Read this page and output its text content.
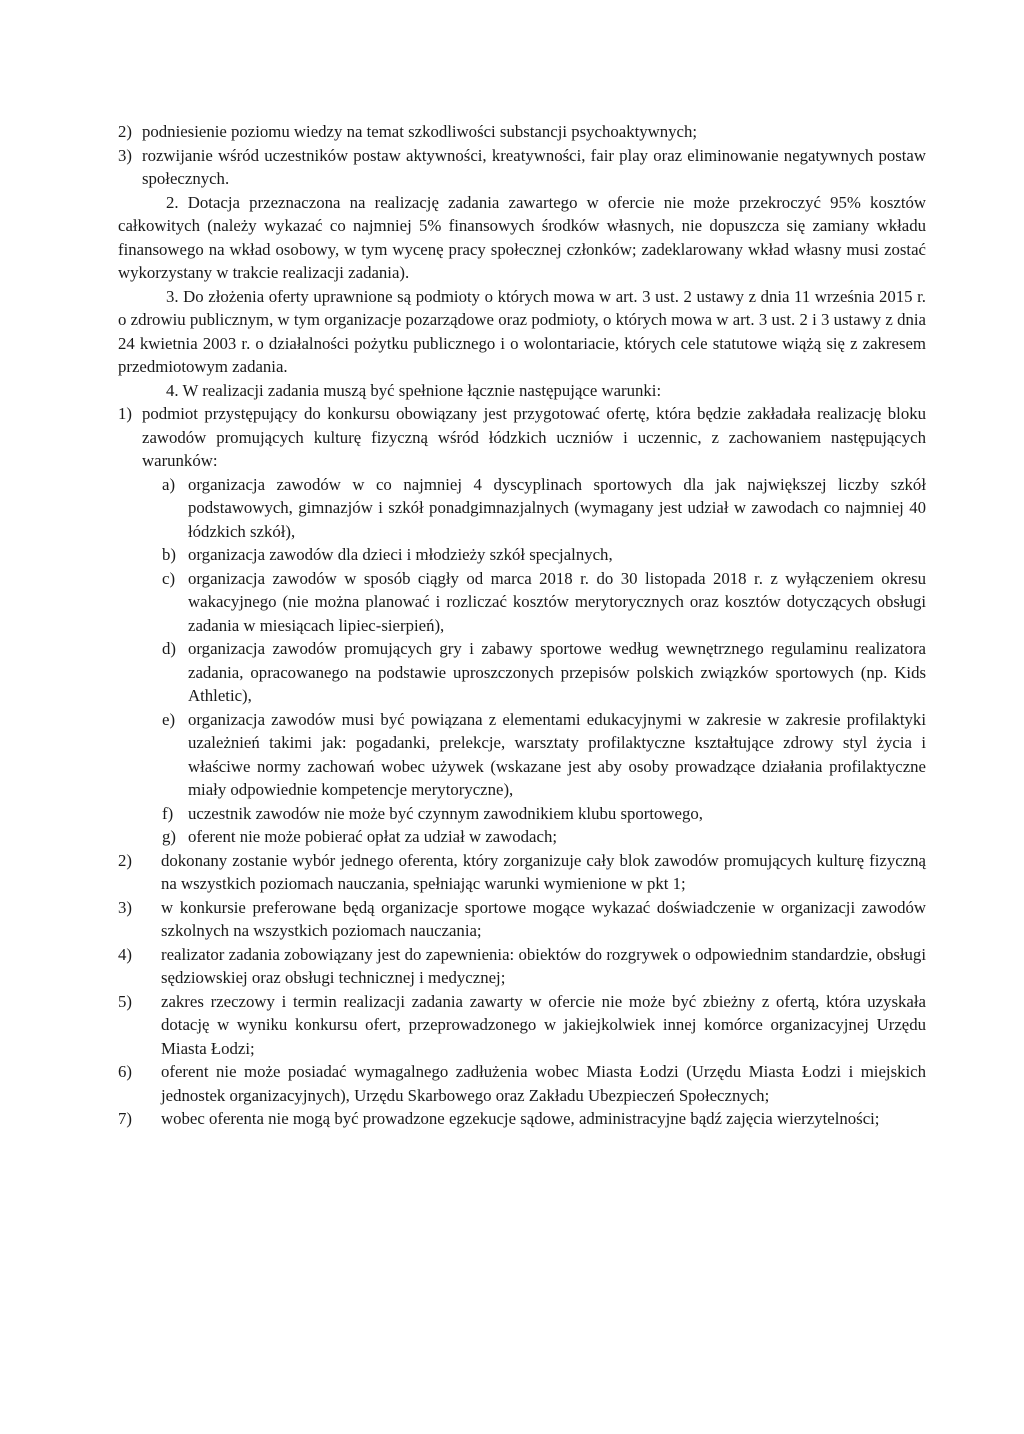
2) podniesienie poziomu wiedzy na temat szkodliwości substancji psychoaktywnych;
3) rozwijanie wśród uczestników postaw aktywności, kreatywności, fair play oraz eliminowanie negatywnych postaw społecznych.

2. Dotacja przeznaczona na realizację zadania zawartego w ofercie nie może przekroczyć 95% kosztów całkowitych (należy wykazać co najmniej 5% finansowych środków własnych, nie dopuszcza się zamiany wkładu finansowego na wkład osobowy, w tym wycenę pracy społecznej członków; zadeklarowany wkład własny musi zostać wykorzystany w trakcie realizacji zadania).

3. Do złożenia oferty uprawnione są podmioty o których mowa w art. 3 ust. 2 ustawy z dnia 11 września 2015 r. o zdrowiu publicznym, w tym organizacje pozarządowe oraz podmioty, o których mowa w art. 3 ust. 2 i 3 ustawy z dnia 24 kwietnia 2003 r. o działalności pożytku publicznego i o wolontariacie, których cele statutowe wiążą się z zakresem przedmiotowym zadania.

4. W realizacji zadania muszą być spełnione łącznie następujące warunki:

1) podmiot przystępujący do konkursu obowiązany jest przygotować ofertę, która będzie zakładała realizację bloku zawodów promujących kulturę fizyczną wśród łódzkich uczniów i uczennic, z zachowaniem następujących warunków:
a) organizacja zawodów w co najmniej 4 dyscyplinach sportowych dla jak największej liczby szkół podstawowych, gimnazjów i szkół ponadgimnazjalnych (wymagany jest udział w zawodach co najmniej 40 łódzkich szkół),
b) organizacja zawodów dla dzieci i młodzieży szkół specjalnych,
c) organizacja zawodów w sposób ciągły od marca 2018 r. do 30 listopada 2018 r. z wyłączeniem okresu wakacyjnego (nie można planować i rozliczać kosztów merytorycznych oraz kosztów dotyczących obsługi zadania w miesiącach lipiec-sierpień),
d) organizacja zawodów promujących gry i zabawy sportowe według wewnętrznego regulaminu realizatora zadania, opracowanego na podstawie uproszczonych przepisów polskich związków sportowych (np. Kids Athletic),
e) organizacja zawodów musi być powiązana z elementami edukacyjnymi w zakresie w zakresie profilaktyki uzależnień takimi jak: pogadanki, prelekcje, warsztaty profilaktyczne kształtujące zdrowy styl życia i właściwe normy zachowań wobec używek (wskazane jest aby osoby prowadzące działania profilaktyczne miały odpowiednie kompetencje merytoryczne),
f) uczestnik zawodów nie może być czynnym zawodnikiem klubu sportowego,
g) oferent nie może pobierać opłat za udział w zawodach;
2)	dokonany zostanie wybór jednego oferenta, który zorganizuje cały blok zawodów promujących kulturę fizyczną na wszystkich poziomach nauczania, spełniając warunki wymienione w pkt 1;
3)	w konkursie preferowane będą organizacje sportowe mogące wykazać doświadczenie w organizacji zawodów szkolnych na wszystkich poziomach nauczania;
4)	realizator zadania zobowiązany jest do zapewnienia: obiektów do rozgrywek o odpowiednim standardzie, obsługi sędziowskiej oraz obsługi technicznej i medycznej;
5)	zakres rzeczowy i termin realizacji zadania zawarty w ofercie nie może być zbieżny z ofertą, która uzyskała dotację w wyniku konkursu ofert, przeprowadzonego w jakiejkolwiek innej komórce organizacyjnej Urzędu Miasta Łodzi;
6)	oferent nie może posiadać wymagalnego zadłużenia wobec Miasta Łodzi (Urzędu Miasta Łodzi i miejskich jednostek organizacyjnych), Urzędu Skarbowego oraz Zakładu Ubezpieczeń Społecznych;
7)	wobec oferenta nie mogą być prowadzone egzekucje sądowe, administracyjne bądź zajęcia wierzytelności;
